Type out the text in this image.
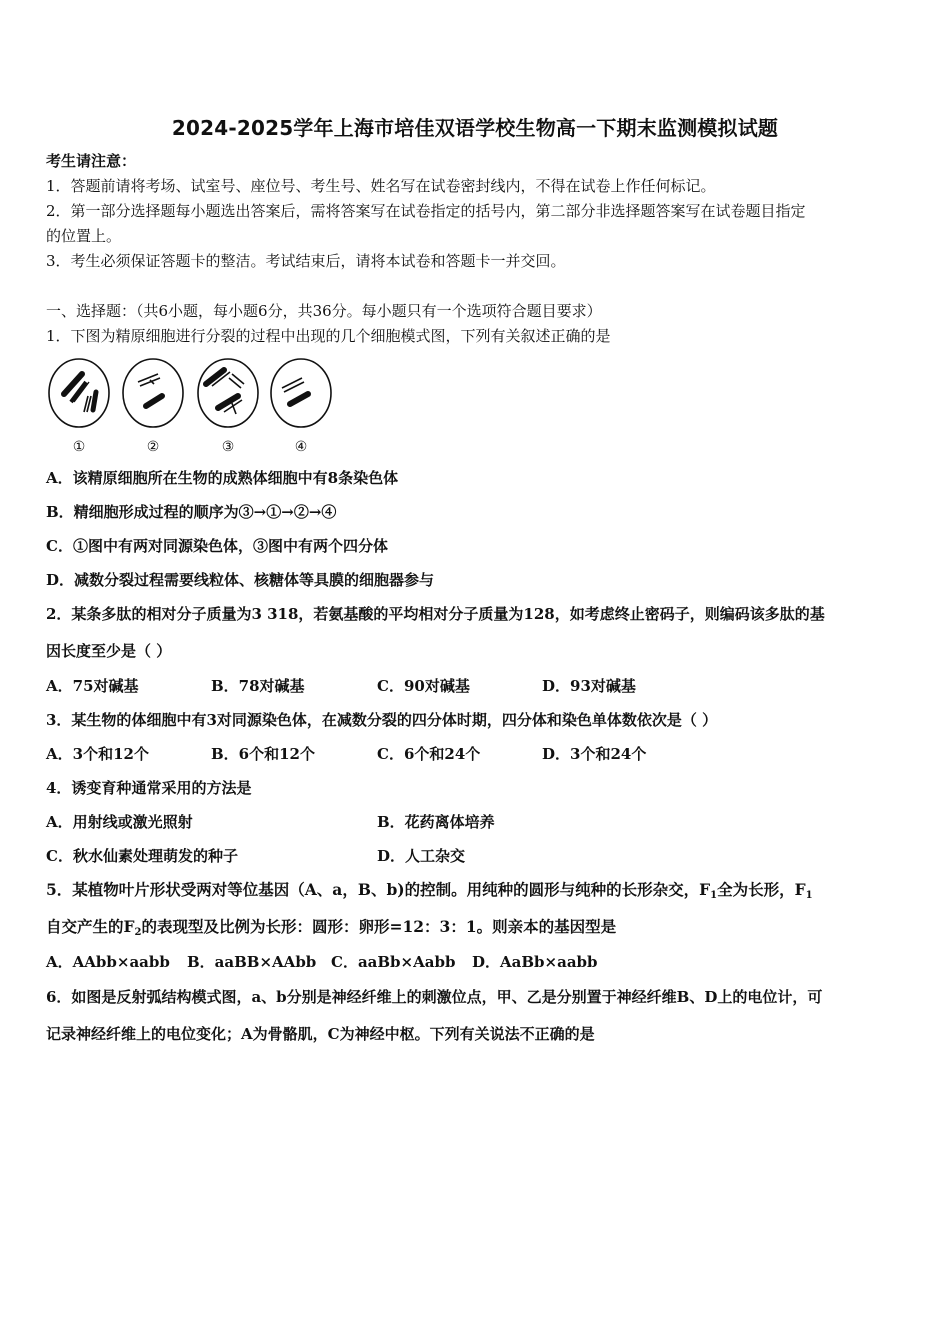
2024-2025学年上海市培佳双语学校生物高一下期末监测模拟试题
考生请注意：
1．答题前请将考场、试室号、座位号、考生号、姓名写在试卷密封线内，不得在试卷上作任何标记。
2．第一部分选择题每小题选出答案后，需将答案写在试卷指定的括号内，第二部分非选择题答案写在试卷题目指定
的位置上。
3．考生必须保证答题卡的整洁。考试结束后，请将本试卷和答题卡一并交回。
一、选择题：（共6小题，每小题6分，共36分。每小题只有一个选项符合题目要求）
1．下图为精原细胞进行分裂的过程中出现的几个细胞模式图，下列有关叙述正确的是
①	②	③	④
A．该精原细胞所在生物的成熟体细胞中有8条染色体
B．精细胞形成过程的顺序为③→①→②→④
C．①图中有两对同源染色体，③图中有两个四分体
D．减数分裂过程需要线粒体、核糖体等具膜的细胞器参与
2．某条多肽的相对分子质量为3 318，若氨基酸的平均相对分子质量为128，如考虑终止密码子，则编码该多肽的基
因长度至少是（ ）
A．75对碱基	B．78对碱基	C．90对碱基	D．93对碱基
3．某生物的体细胞中有3对同源染色体，在减数分裂的四分体时期，四分体和染色单体数依次是（ ）
A．3个和12个	B．6个和12个	C．6个和24个	D．3个和24个
4．诱变育种通常采用的方法是
A．用射线或激光照射	B．花药离体培养
C．秋水仙素处理萌发的种子	D．人工杂交
5．某植物叶片形状受两对等位基因（A、a，B、b)的控制。用纯种的圆形与纯种的长形杂交，$F_1$全为长形，$F_1$
自交产生的$F_2$的表现型及比例为长形：圆形：卵形=12：3：1。则亲本的基因型是
A．AAbb×aabb B．aaBB×AAbb C．aaBb×Aabb D．AaBb×aabb
6．如图是反射弧结构模式图，a、b分别是神经纤维上的刺激位点，甲、乙是分别置于神经纤维B、D上的电位计，可
记录神经纤维上的电位变化；A为骨骼肌，C为神经中枢。下列有关说法不正确的是
